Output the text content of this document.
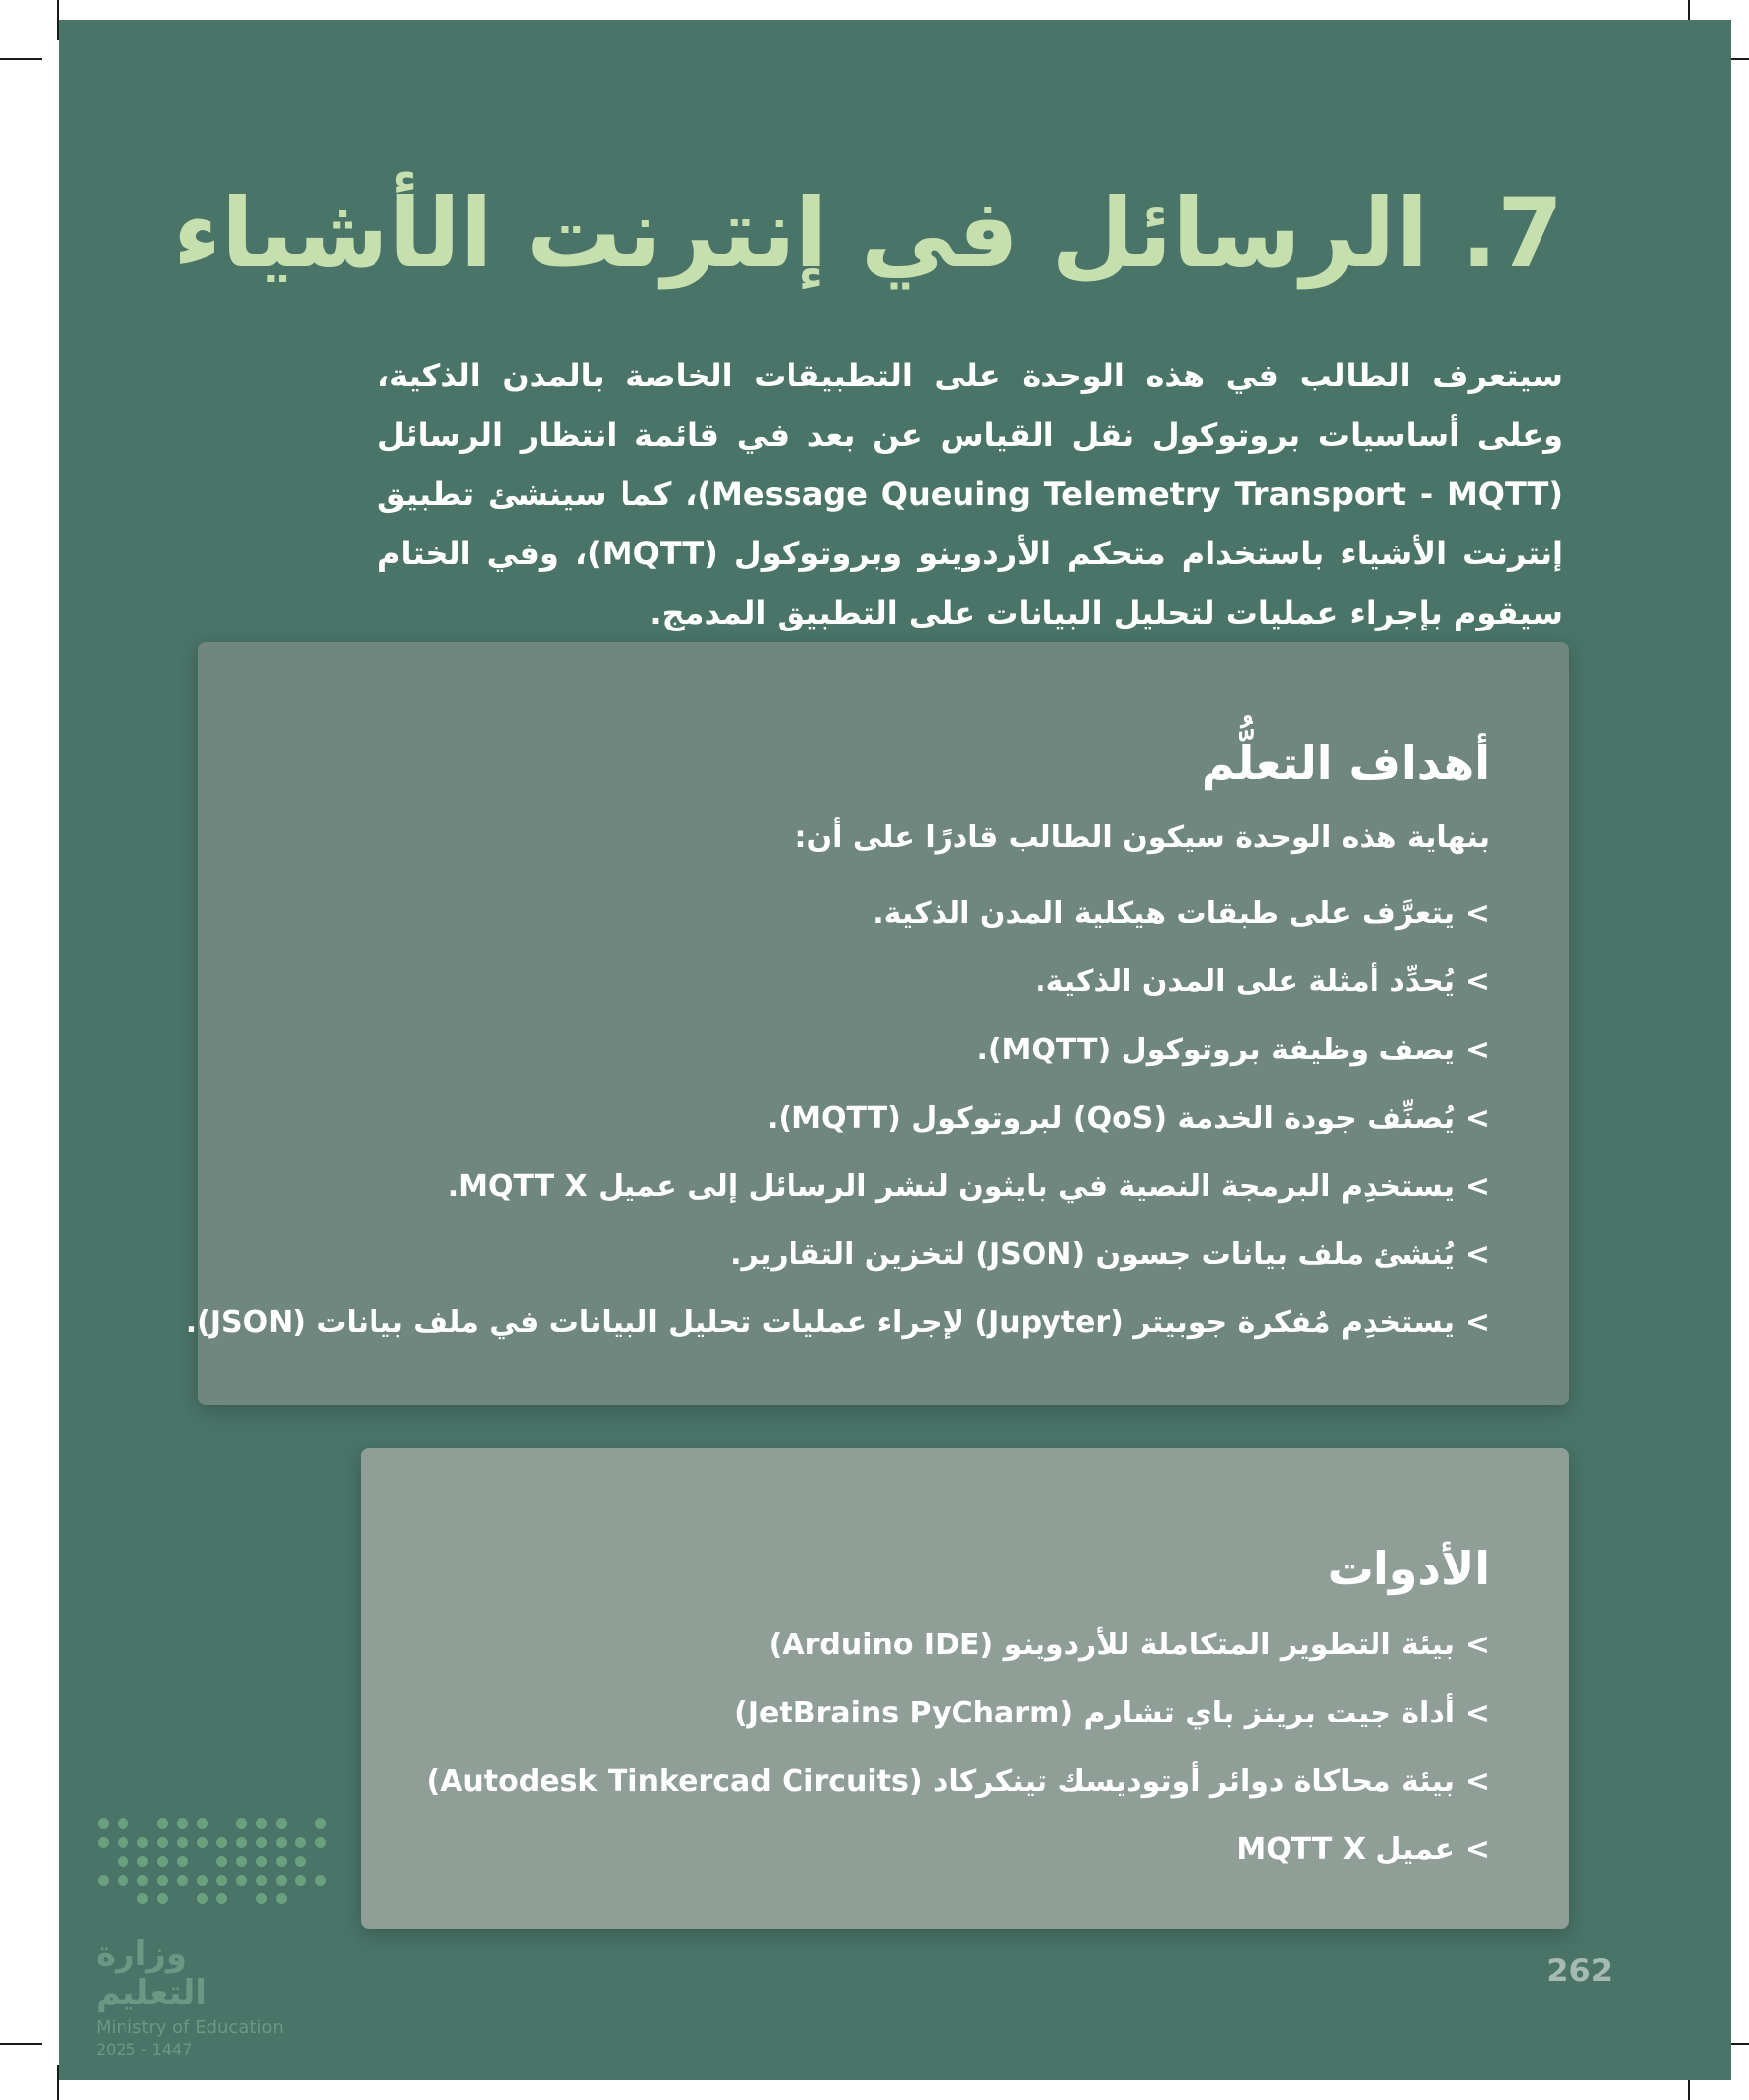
7. الرسائل في إنترنت الأشياء

سيتعرف الطالب في هذه الوحدة على التطبيقات الخاصة بالمدن الذكية، وعلى أساسيات بروتوكول نقل القياس عن بعد في قائمة انتظار الرسائل (Message Queuing Telemetry Transport - MQTT)، كما سينشئ تطبيق إنترنت الأشياء باستخدام متحكم الأردوينو وبروتوكول (MQTT)، وفي الختام سيقوم بإجراء عمليات لتحليل البيانات على التطبيق المدمج.

أهداف التعلُّم

بنهاية هذه الوحدة سيكون الطالب قادرًا على أن:

>
يتعرَّف على طبقات هيكلية المدن الذكية.
>
يُحدِّد أمثلة على المدن الذكية.
>
يصف وظيفة بروتوكول (MQTT).
>
يُصنِّف جودة الخدمة (QoS) لبروتوكول (MQTT).
>
يستخدِم البرمجة النصية في بايثون لنشر الرسائل إلى عميل MQTT X.
>
يُنشئ ملف بيانات جسون (JSON) لتخزين التقارير.
>
يستخدِم مُفكرة جوبيتر (Jupyter) لإجراء عمليات تحليل البيانات في ملف بيانات (JSON).
الأدوات
>
بيئة التطوير المتكاملة للأردوينو (Arduino IDE)
>
أداة جيت برينز باي تشارم (JetBrains PyCharm)
>
بيئة محاكاة دوائر أوتوديسك تينكركاد (Autodesk Tinkercad Circuits)
>
عميل MQTT X

262

وزارة التعليم

Ministry of Education

2025 - 1447
